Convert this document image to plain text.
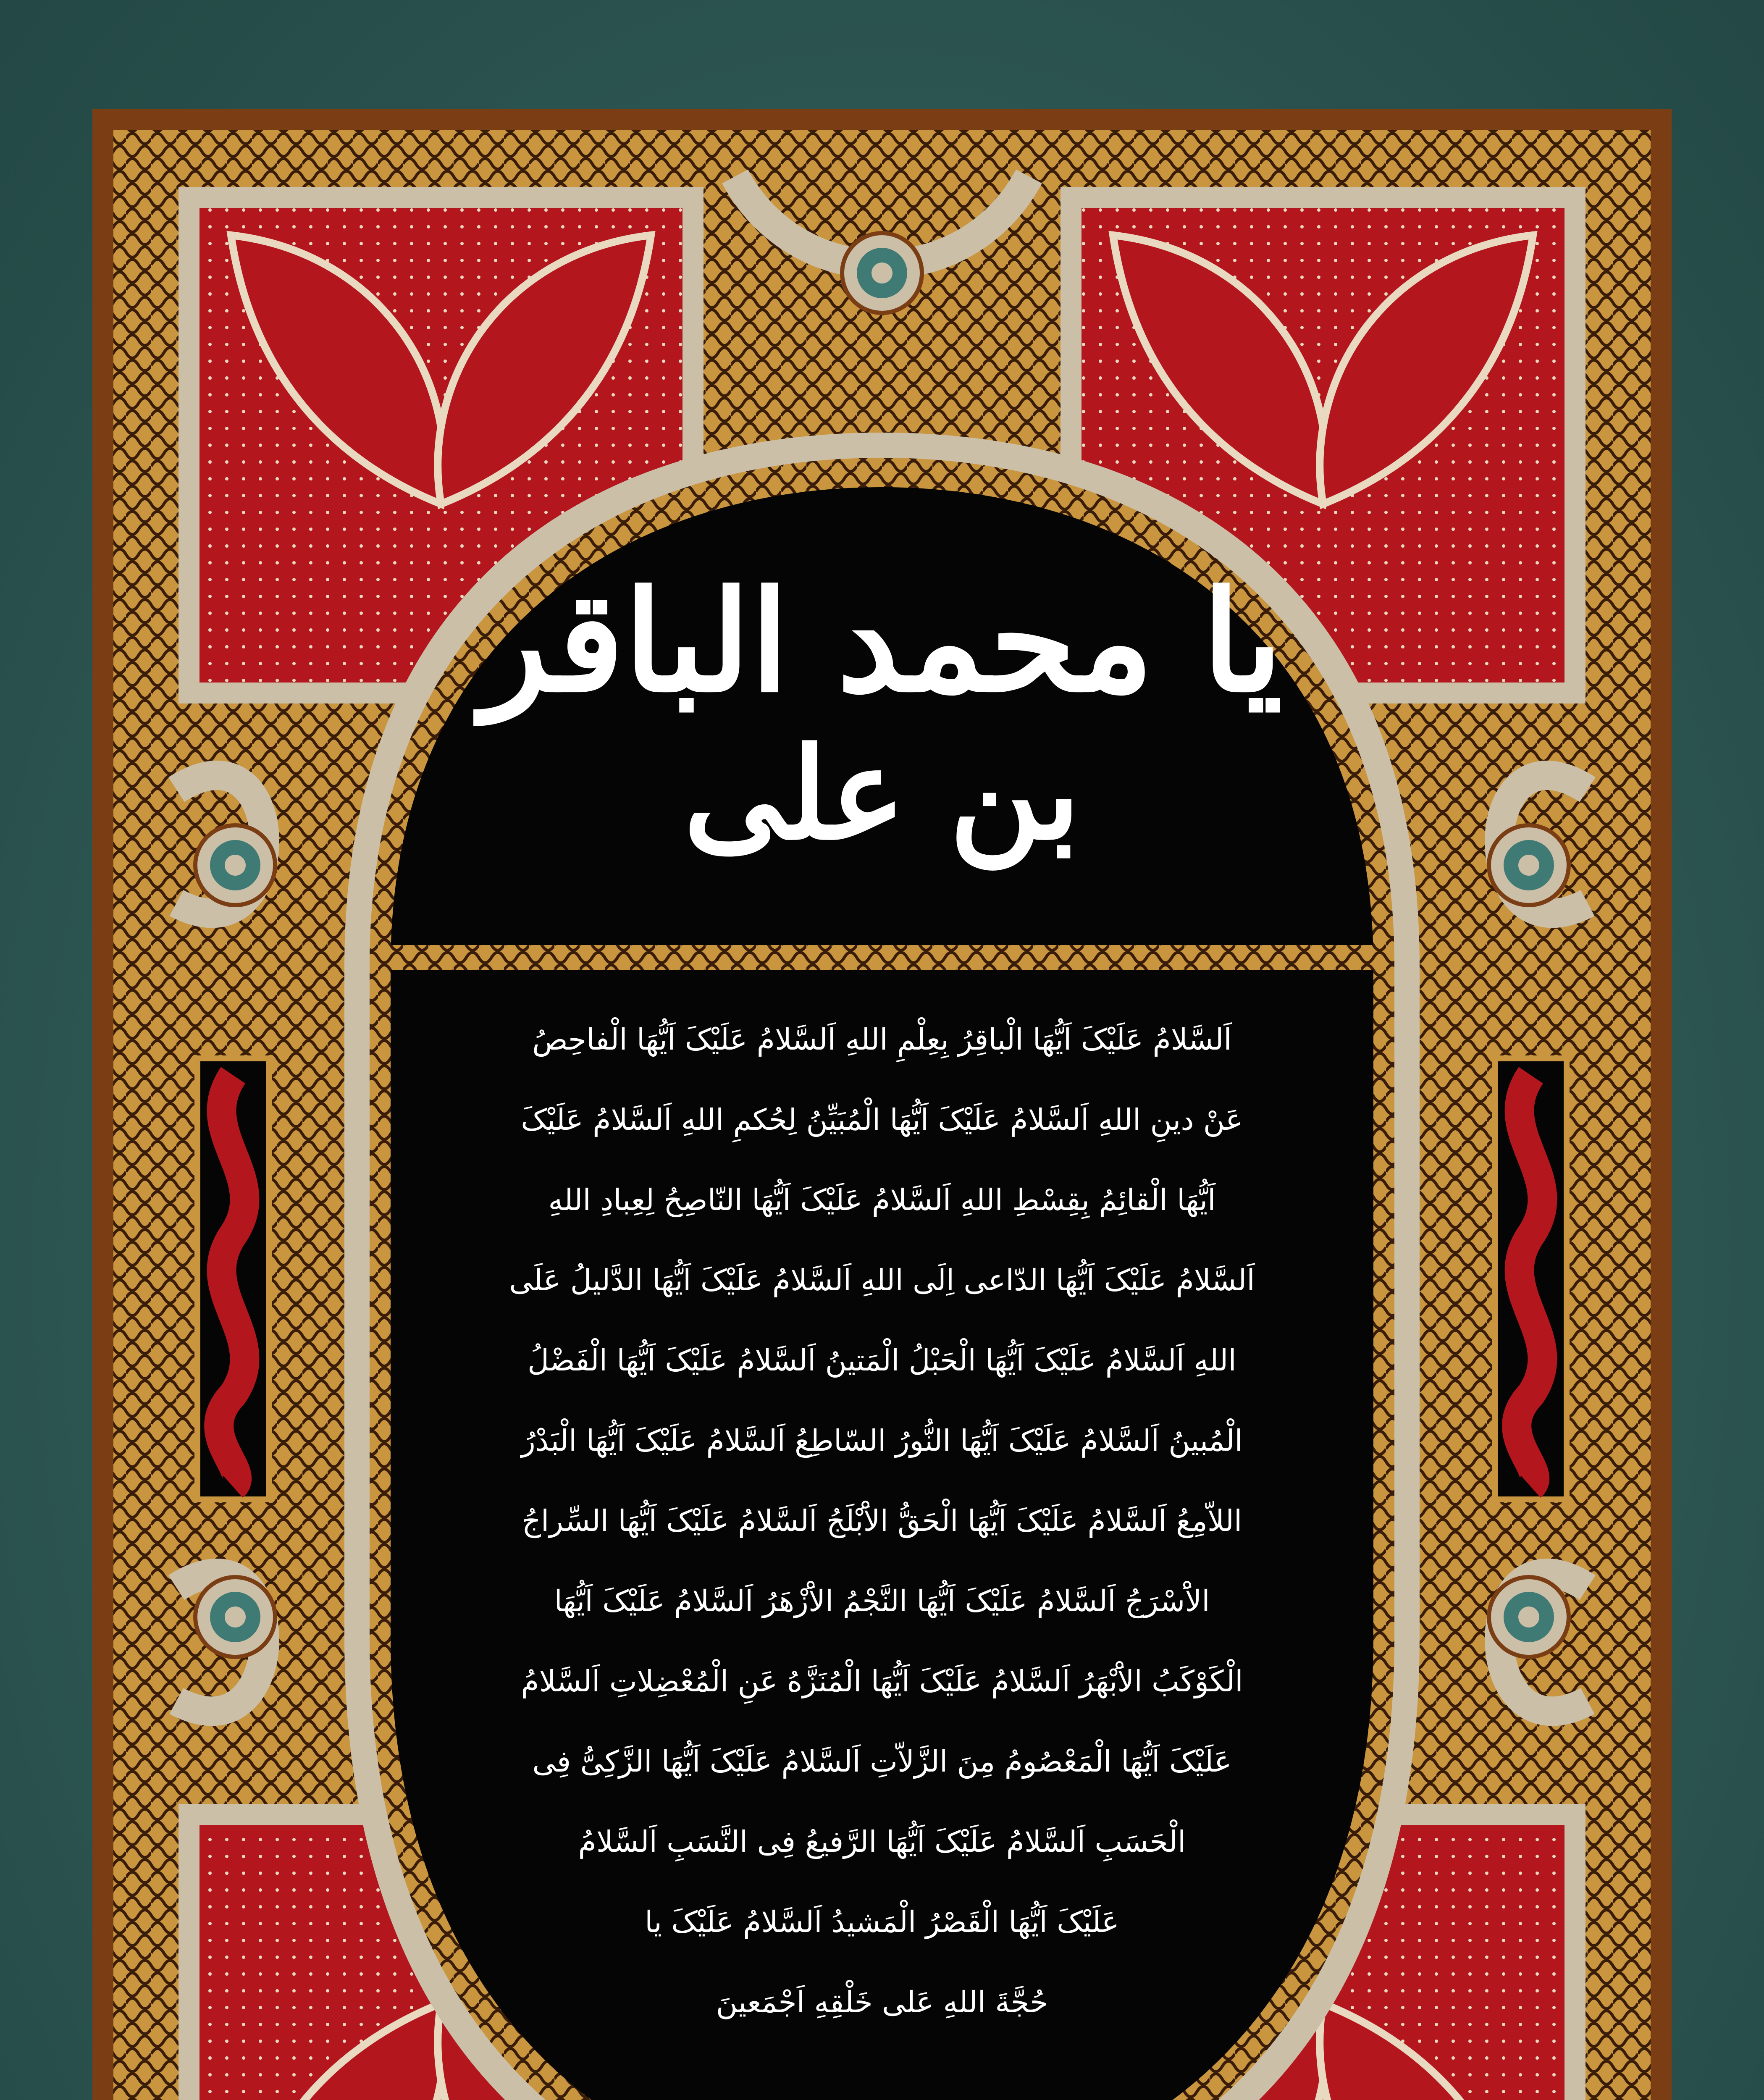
یا محمد الباقر
بن علی
اَلسَّلامُ عَلَیْکَ اَیُّهَا الْباقِرُ بِعِلْمِ اللهِ اَلسَّلامُ عَلَیْکَ اَیُّهَا الْفاحِصُ
عَنْ دینِ اللهِ اَلسَّلامُ عَلَیْکَ اَیُّهَا الْمُبَیِّنُ لِحُکمِ اللهِ اَلسَّلامُ عَلَیْکَ
اَیُّهَا الْقائِمُ بِقِسْطِ اللهِ اَلسَّلامُ عَلَیْکَ اَیُّهَا النّاصِحُ لِعِبادِ اللهِ
اَلسَّلامُ عَلَیْکَ اَیُّهَا الدّاعی اِلَی اللهِ اَلسَّلامُ عَلَیْکَ اَیُّهَا الدَّلیلُ عَلَی
اللهِ اَلسَّلامُ عَلَیْکَ اَیُّهَا الْحَبْلُ الْمَتینُ اَلسَّلامُ عَلَیْکَ اَیُّهَا الْفَضْلُ
الْمُبینُ اَلسَّلامُ عَلَیْکَ اَیُّهَا النُّورُ السّاطِعُ اَلسَّلامُ عَلَیْکَ اَیُّهَا الْبَدْرُ
اللاّمِعُ اَلسَّلامُ عَلَیْکَ اَیُّهَا الْحَقُّ الاَْبْلَجُ اَلسَّلامُ عَلَیْکَ اَیُّهَا السِّراجُ
الاَْسْرَجُ اَلسَّلامُ عَلَیْکَ اَیُّهَا النَّجْمُ الاَْزْهَرُ اَلسَّلامُ عَلَیْکَ اَیُّهَا
الْکَوْکَبُ الاَْبْهَرُ اَلسَّلامُ عَلَیْکَ اَیُّهَا الْمُنَزَّهُ عَنِ الْمُعْضِلاتِ اَلسَّلامُ
عَلَیْکَ اَیُّهَا الْمَعْصُومُ مِنَ الزَّلاّتِ اَلسَّلامُ عَلَیْکَ اَیُّهَا الزَّکِیُّ فِی
الْحَسَبِ اَلسَّلامُ عَلَیْکَ اَیُّهَا الرَّفیعُ فِی النَّسَبِ اَلسَّلامُ
عَلَیْکَ اَیُّهَا الْقَصْرُ الْمَشیدُ اَلسَّلامُ عَلَیْکَ یا
حُجَّةَ اللهِ عَلی خَلْقِهِ اَجْمَعینَ
